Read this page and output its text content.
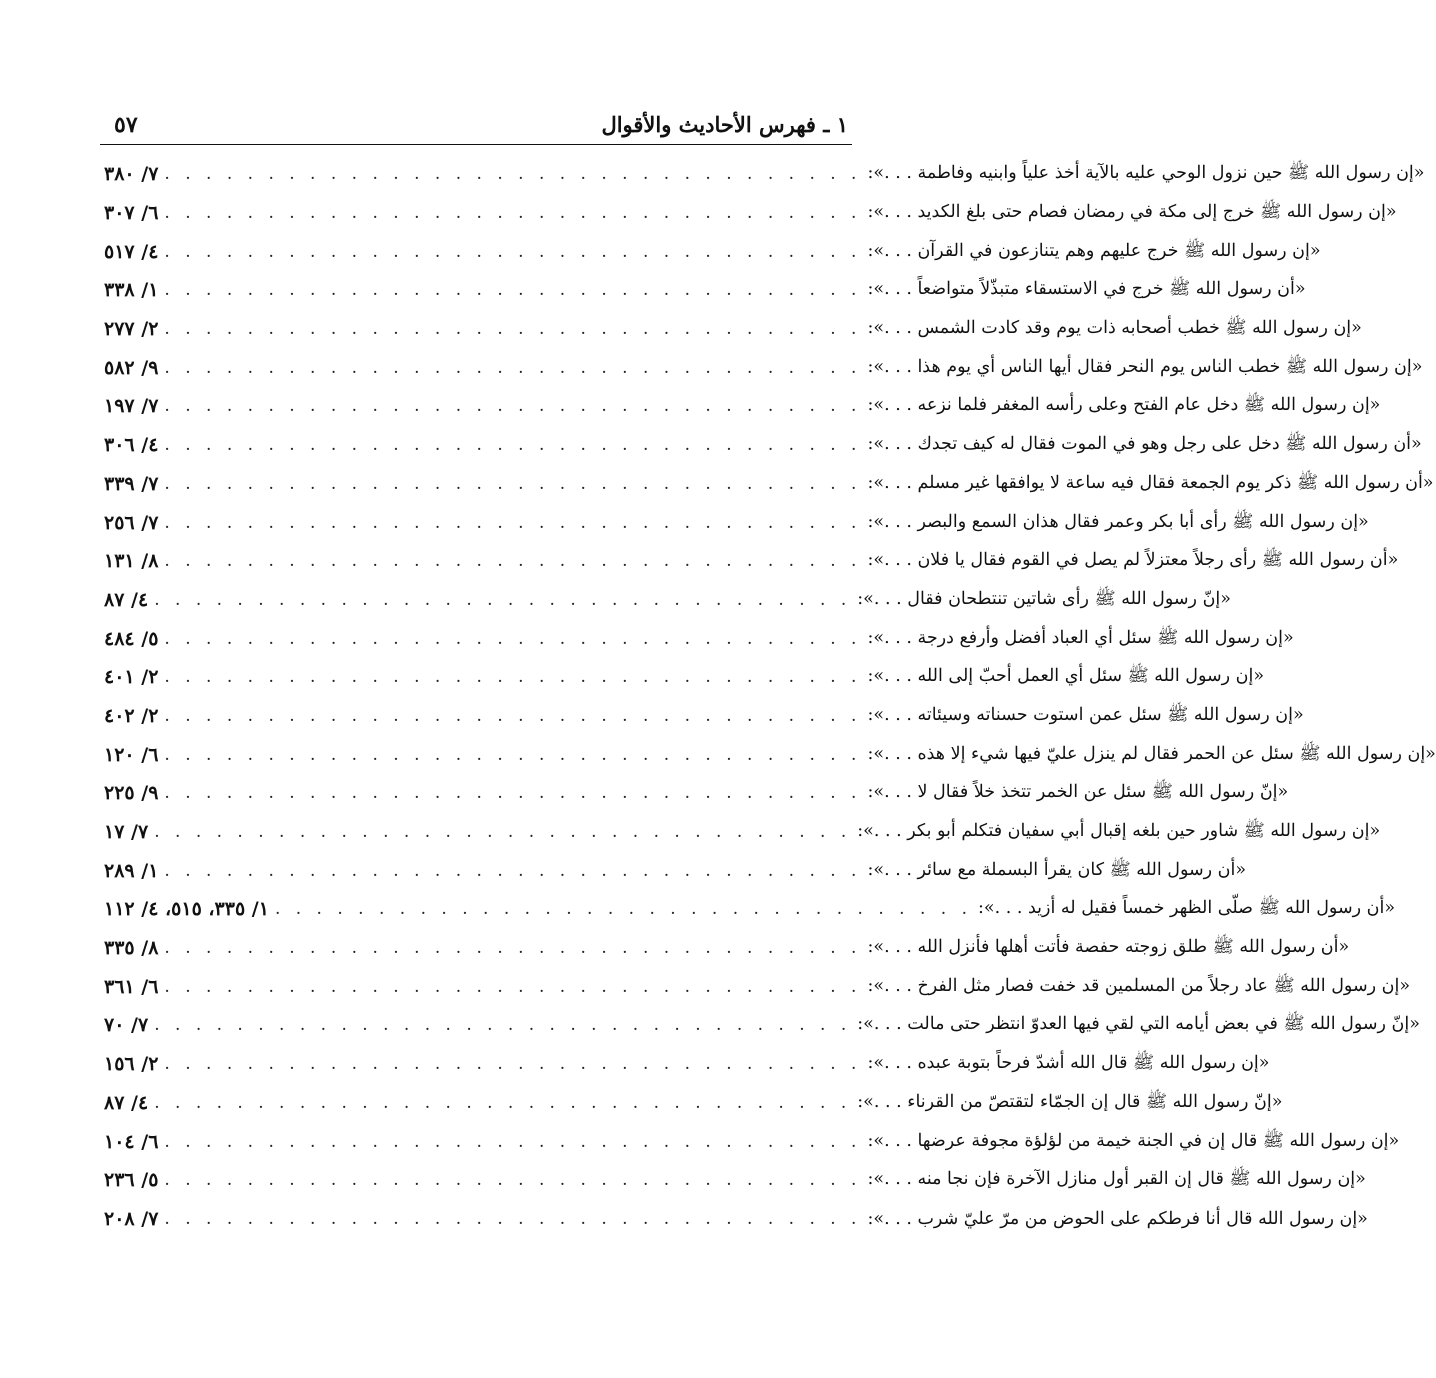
٥٧	١ ـ فهرس الأحاديث والأقوال
٧/ ٣٨٠ . . . . . . . . . . . . . . . . . . . . . . . . . . . . . . . . . . «إن رسول الله ﷺ حين نزول الوحي عليه بالآية أخذ علياً وابنيه وفاطمة . . .»:
٦/ ٣٠٧ . . . . . . . . . . . . . . . . . . . . . . . . . . . . . . . . . . «إن رسول الله ﷺ خرج إلى مكة في رمضان فصام حتى بلغ الكديد . . .»:
٤/ ٥١٧ . . . . . . . . . . . . . . . . . . . . . . . . . . . . . . . . . . «إن رسول الله ﷺ خرج عليهم وهم يتنازعون في القرآن . . .»:
١/ ٣٣٨ . . . . . . . . . . . . . . . . . . . . . . . . . . . . . . . . . . «أن رسول الله ﷺ خرج في الاستسقاء متبذّلاً متواضعاً . . .»:
٢/ ٢٧٧ . . . . . . . . . . . . . . . . . . . . . . . . . . . . . . . . . . «إن رسول الله ﷺ خطب أصحابه ذات يوم وقد كادت الشمس . . .»:
٩/ ٥٨٢ . . . . . . . . . . . . . . . . . . . . . . . . . . . . . . . . . . «إن رسول الله ﷺ خطب الناس يوم النحر فقال أيها الناس أي يوم هذا . . .»:
٧/ ١٩٧ . . . . . . . . . . . . . . . . . . . . . . . . . . . . . . . . . . «إن رسول الله ﷺ دخل عام الفتح وعلى رأسه المغفر فلما نزعه . . .»:
٤/ ٣٠٦ . . . . . . . . . . . . . . . . . . . . . . . . . . . . . . . . . . «أن رسول الله ﷺ دخل على رجل وهو في الموت فقال له كيف تجدك . . .»:
٧/ ٣٣٩ . . . . . . . . . . . . . . . . . . . . . . . . . . . . . . . . . . «أن رسول الله ﷺ ذكر يوم الجمعة فقال فيه ساعة لا يوافقها غير مسلم . . .»:
٧/ ٢٥٦ . . . . . . . . . . . . . . . . . . . . . . . . . . . . . . . . . . «إن رسول الله ﷺ رأى أبا بكر وعمر فقال هذان السمع والبصر . . .»:
٨/ ١٣١ . . . . . . . . . . . . . . . . . . . . . . . . . . . . . . . . . . «أن رسول الله ﷺ رأى رجلاً معتزلاً لم يصل في القوم فقال يا فلان . . .»:
٤/ ٨٧ . . . . . . . . . . . . . . . . . . . . . . . . . . . . . . . . . . «إنّ رسول الله ﷺ رأى شاتين تنتطحان فقال . . .»:
٥/ ٤٨٤ . . . . . . . . . . . . . . . . . . . . . . . . . . . . . . . . . . «إن رسول الله ﷺ سئل أي العباد أفضل وأرفع درجة . . .»:
٢/ ٤٠١ . . . . . . . . . . . . . . . . . . . . . . . . . . . . . . . . . . «إن رسول الله ﷺ سئل أي العمل أحبّ إلى الله . . .»:
٢/ ٤٠٢ . . . . . . . . . . . . . . . . . . . . . . . . . . . . . . . . . . «إن رسول الله ﷺ سئل عمن استوت حسناته وسيئاته . . .»:
٦/ ١٢٠ . . . . . . . . . . . . . . . . . . . . . . . . . . . . . . . . . . «إن رسول الله ﷺ سئل عن الحمر فقال لم ينزل عليّ فيها شيء إلا هذه . . .»:
٩/ ٢٢٥ . . . . . . . . . . . . . . . . . . . . . . . . . . . . . . . . . . «إنّ رسول الله ﷺ سئل عن الخمر تتخذ خلاً فقال لا . . .»:
٧/ ١٧ . . . . . . . . . . . . . . . . . . . . . . . . . . . . . . . . . . «إن رسول الله ﷺ شاور حين بلغه إقبال أبي سفيان فتكلم أبو بكر . . .»:
١/ ٢٨٩ . . . . . . . . . . . . . . . . . . . . . . . . . . . . . . . . . . «أن رسول الله ﷺ كان يقرأ البسملة مع سائر . . .»:
١/ ٣٣٥، ٥١٥، ٤/ ١١٢ . . . . . . . . . . . . . . . . . . . . . . . . . . . . . . . . . . «أن رسول الله ﷺ صلّى الظهر خمساً فقيل له أزيد . . .»:
٨/ ٣٣٥ . . . . . . . . . . . . . . . . . . . . . . . . . . . . . . . . . . «أن رسول الله ﷺ طلق زوجته حفصة فأتت أهلها فأنزل الله . . .»:
٦/ ٣٦١ . . . . . . . . . . . . . . . . . . . . . . . . . . . . . . . . . . «إن رسول الله ﷺ عاد رجلاً من المسلمين قد خفت فصار مثل الفرخ . . .»:
٧/ ٧٠ . . . . . . . . . . . . . . . . . . . . . . . . . . . . . . . . . . «إنّ رسول الله ﷺ في بعض أيامه التي لقي فيها العدوّ انتظر حتى مالت . . .»:
٢/ ١٥٦ . . . . . . . . . . . . . . . . . . . . . . . . . . . . . . . . . . «إن رسول الله ﷺ قال الله أشدّ فرحاً بتوبة عبده . . .»:
٤/ ٨٧ . . . . . . . . . . . . . . . . . . . . . . . . . . . . . . . . . . «إنّ رسول الله ﷺ قال إن الجمّاء لتقتصّ من القرناء . . .»:
٦/ ١٠٤ . . . . . . . . . . . . . . . . . . . . . . . . . . . . . . . . . . «إن رسول الله ﷺ قال إن في الجنة خيمة من لؤلؤة مجوفة عرضها . . .»:
٥/ ٢٣٦ . . . . . . . . . . . . . . . . . . . . . . . . . . . . . . . . . . «إن رسول الله ﷺ قال إن القبر أول منازل الآخرة فإن نجا منه . . .»:
٧/ ٢٠٨ . . . . . . . . . . . . . . . . . . . . . . . . . . . . . . . . . . «إن رسول الله قال أنا فرطكم على الحوض من مرّ عليّ شرب . . .»:
